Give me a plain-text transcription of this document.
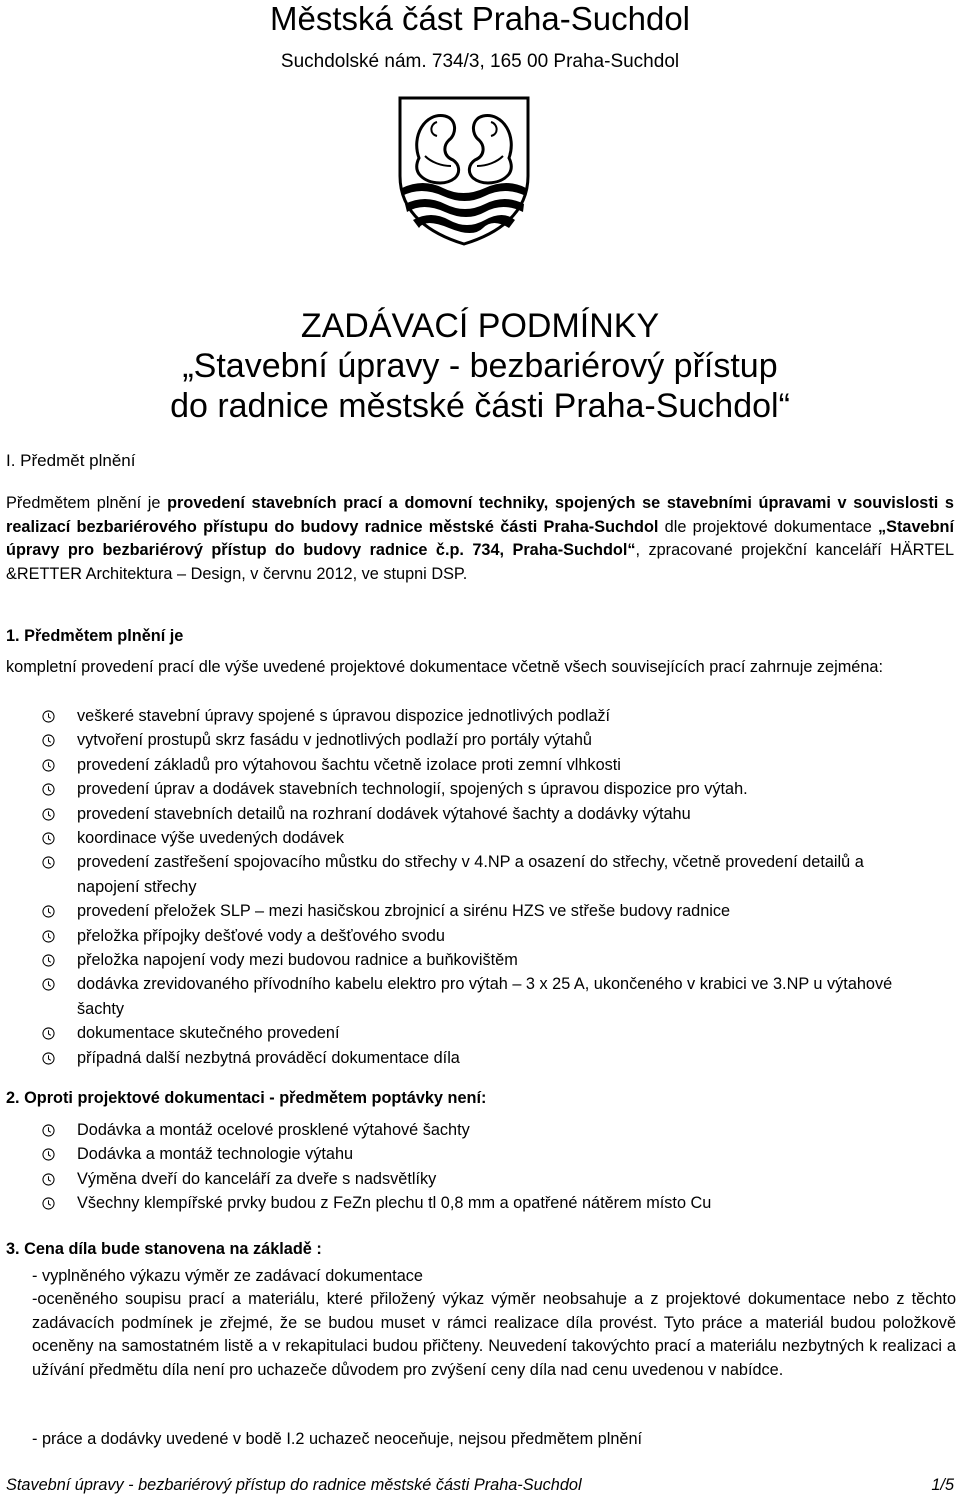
Městská část Praha-Suchdol
Suchdolské nám. 734/3, 165 00 Praha-Suchdol
ZADÁVACÍ PODMÍNKY
„Stavební úpravy - bezbariérový přístup
do radnice městské části Praha-Suchdol“
I. Předmět plnění
Předmětem plnění je provedení stavebních prací a domovní techniky, spojených se stavebními úpravami v souvislosti s realizací bezbariérového přístupu do budovy radnice městské části Praha-Suchdol dle projektové dokumentace „Stavební úpravy pro bezbariérový přístup do budovy radnice č.p. 734, Praha-Suchdol“, zpracované projekční kanceláří HÄRTEL &RETTER Architektura – Design, v červnu 2012, ve stupni DSP.
1. Předmětem plnění je
kompletní provedení prací dle výše uvedené projektové dokumentace včetně všech souvisejících prací zahrnuje zejména:
veškeré stavební úpravy spojené s úpravou dispozice jednotlivých podlaží
vytvoření prostupů skrz fasádu v jednotlivých podlaží pro portály výtahů
provedení základů pro výtahovou šachtu včetně izolace proti zemní vlhkosti
provedení úprav a dodávek stavebních technologií, spojených s úpravou dispozice pro výtah.
provedení stavebních detailů na rozhraní dodávek výtahové šachty a dodávky výtahu
koordinace výše uvedených dodávek
provedení zastřešení spojovacího můstku do střechy v 4.NP a osazení do střechy, včetně provedení detailů a napojení střechy
provedení přeložek SLP – mezi hasičskou zbrojnicí a sirénu HZS ve střeše budovy radnice
přeložka přípojky dešťové vody a dešťového svodu
přeložka napojení vody mezi budovou radnice a buňkovištěm
dodávka zrevidovaného přívodního kabelu elektro pro výtah – 3 x 25 A, ukončeného v krabici ve 3.NP u výtahové šachty
dokumentace skutečného provedení
případná další nezbytná prováděcí dokumentace díla
2. Oproti projektové dokumentaci - předmětem poptávky není:
Dodávka a montáž ocelové prosklené výtahové šachty
Dodávka a montáž technologie výtahu
Výměna dveří do kanceláří za dveře s nadsvětlíky
Všechny klempířské prvky budou z FeZn plechu tl 0,8 mm a opatřené nátěrem místo Cu
3. Cena díla bude stanovena na základě :
- vyplněného výkazu výměr ze zadávací dokumentace
-oceněného soupisu prací a materiálu, které přiložený výkaz výměr neobsahuje a z projektové dokumentace nebo z těchto zadávacích podmínek je zřejmé, že se budou muset v rámci realizace díla provést. Tyto práce a materiál budou položkově oceněny na samostatném listě a v rekapitulaci budou přičteny. Neuvedení takovýchto prací a materiálu nezbytných k realizaci a užívání předmětu díla není pro uchazeče důvodem pro zvýšení ceny díla nad cenu uvedenou v nabídce.
- práce a dodávky uvedené v bodě I.2 uchazeč neoceňuje, nejsou předmětem plnění
Stavební úpravy - bezbariérový přístup do radnice městské části Praha-Suchdol	1/5
